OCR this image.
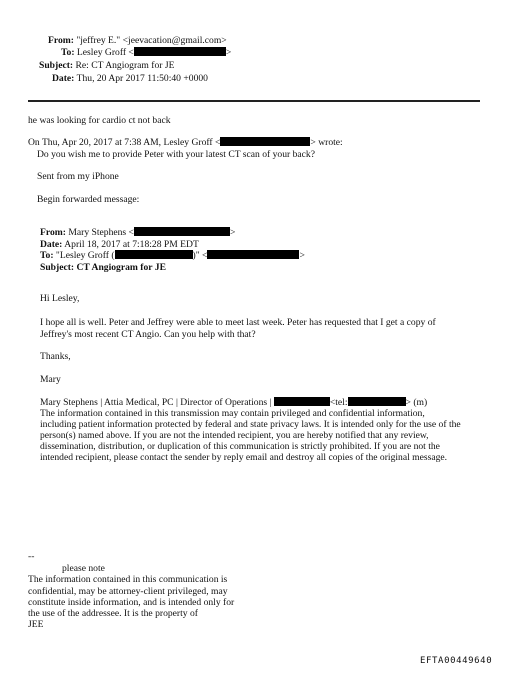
From: "jeffrey E." <jeevacation@gmail.com>
To: Lesley Groff <	>
Subject: Re: CT Angiogram for JE
Date: Thu, 20 Apr 2017 11:50:40 +0000
he was looking for cardio ct not back
On Thu, Apr 20, 2017 at 7:38 AM, Lesley Groff <	> wrote:
Do you wish me to provide Peter with your latest CT scan of your back?
Sent from my iPhone
Begin forwarded message:
From: Mary Stephens <	>
Date: April 18, 2017 at 7:18:28 PM EDT
To: "Lesley Groff (	)" <	>
Subject: CT Angiogram for JE
Hi Lesley,
I hope all is well. Peter and Jeffrey were able to meet last week. Peter has requested that I get a copy of
Jeffrey's most recent CT Angio. Can you help with that?
Thanks,
Mary
Mary Stephens | Attia Medical, PC | Director of Operations |	<tel:	> (m)
The information contained in this transmission may contain privileged and confidential information,
including patient information protected by federal and state privacy laws. It is intended only for the use of the
person(s) named above. If you are not the intended recipient, you are hereby notified that any review,
dissemination, distribution, or duplication of this communication is strictly prohibited. If you are not the
intended recipient, please contact the sender by reply email and destroy all copies of the original message.
--
please note
The information contained in this communication is
confidential, may be attorney-client privileged, may
constitute inside information, and is intended only for
the use of the addressee. It is the property of
JEE
EFTA00449640
